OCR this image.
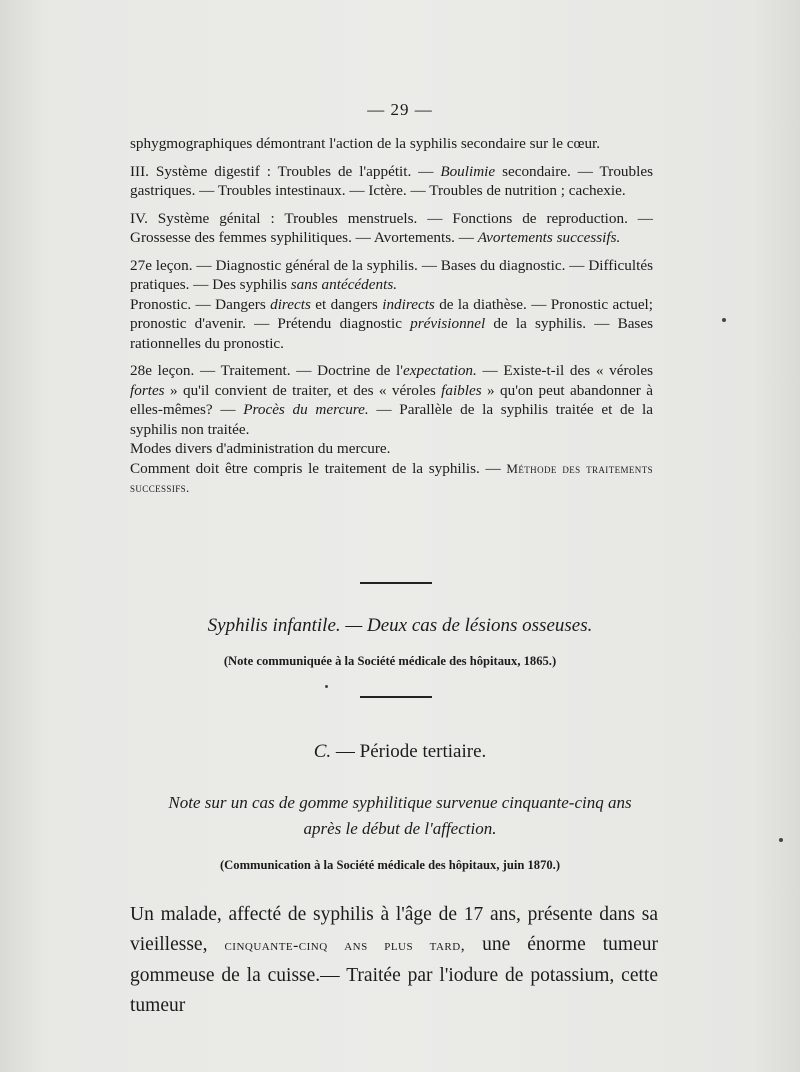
— 29 —

sphygmographiques démontrant l'action de la syphilis secondaire sur le cœur.

III. Système digestif : Troubles de l'appétit. — Boulimie secondaire. — Troubles gastriques. — Troubles intestinaux. — Ictère. — Troubles de nutrition ; cachexie.

IV. Système génital : Troubles menstruels. — Fonctions de reproduction. — Grossesse des femmes syphilitiques. — Avortements. — Avortements successifs.

27e leçon. — Diagnostic général de la syphilis. — Bases du diagnostic. — Difficultés pratiques. — Des syphilis sans antécédents.

Pronostic. — Dangers directs et dangers indirects de la diathèse. — Pronostic actuel; pronostic d'avenir. — Prétendu diagnostic prévisionnel de la syphilis. — Bases rationnelles du pronostic.

28e leçon. — Traitement. — Doctrine de l'expectation. — Existe-t-il des « véroles fortes » qu'il convient de traiter, et des « véroles faibles » qu'on peut abandonner à elles-mêmes? — Procès du mercure. — Parallèle de la syphilis traitée et de la syphilis non traitée.

Modes divers d'administration du mercure.

Comment doit être compris le traitement de la syphilis. — Méthode des traitements successifs.

Syphilis infantile. — Deux cas de lésions osseuses.
(Note communiquée à la Société médicale des hôpitaux, 1865.)
C. — Période tertiaire.
Note sur un cas de gomme syphilitique survenue cinquante-cinq ans
après le début de l'affection.
(Communication à la Société médicale des hôpitaux, juin 1870.)
Un malade, affecté de syphilis à l'âge de 17 ans, présente dans sa vieillesse, cinquante-cinq ans plus tard, une énorme tumeur gommeuse de la cuisse.— Traitée par l'iodure de potassium, cette tumeur
